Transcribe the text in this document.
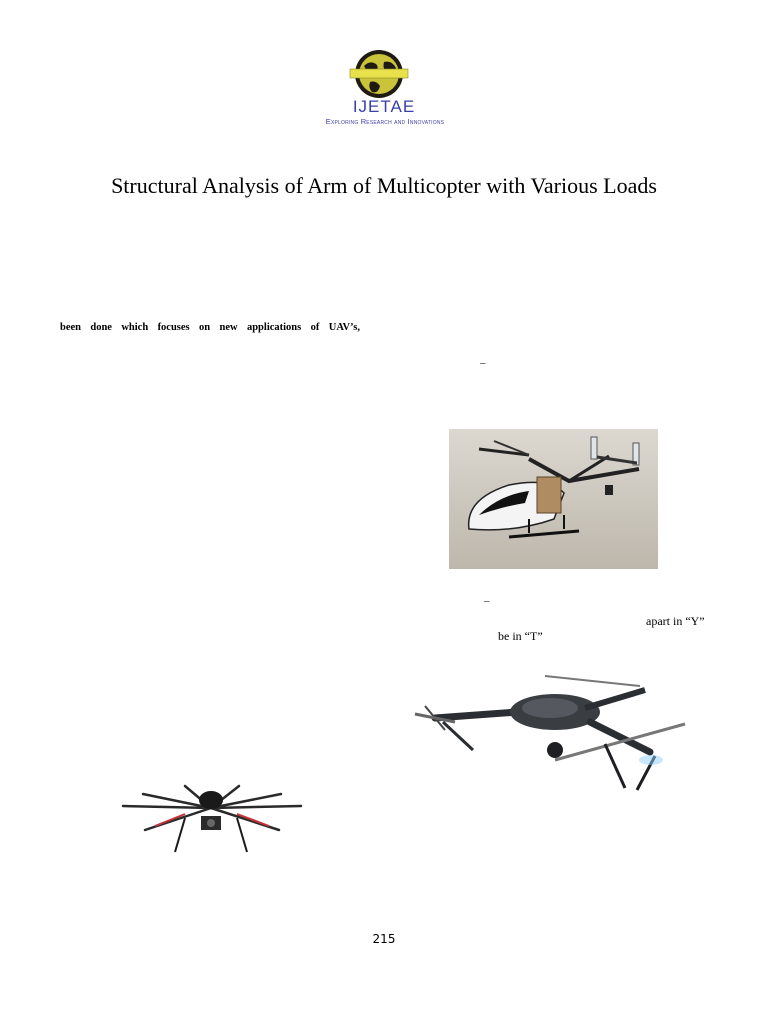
IJETAE
Exploring Research and Innovations
Structural Analysis of Arm of Multicopter with Various Loads
been done which focuses on new applications of UAV’s,
–
–
apart in “Y”
be in “T”
215
